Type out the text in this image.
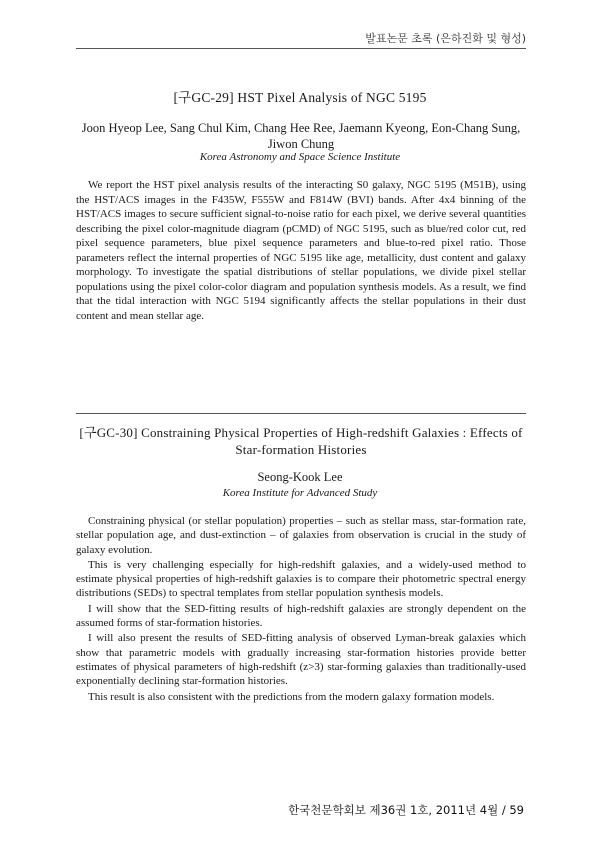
발표논문 초록 (은하진화 및 형성)
[구GC-29] HST Pixel Analysis of NGC 5195
Joon Hyeop Lee, Sang Chul Kim, Chang Hee Ree, Jaemann Kyeong, Eon-Chang Sung, Jiwon Chung
Korea Astronomy and Space Science Institute

We report the HST pixel analysis results of the interacting S0 galaxy, NGC 5195 (M51B), using the HST/ACS images in the F435W, F555W and F814W (BVI) bands. After 4x4 binning of the HST/ACS images to secure sufficient signal-to-noise ratio for each pixel, we derive several quantities describing the pixel color-magnitude diagram (pCMD) of NGC 5195, such as blue/red color cut, red pixel sequence parameters, blue pixel sequence parameters and blue-to-red pixel ratio. Those parameters reflect the internal properties of NGC 5195 like age, metallicity, dust content and galaxy morphology. To investigate the spatial distributions of stellar populations, we divide pixel stellar populations using the pixel color-color diagram and population synthesis models. As a result, we find that the tidal interaction with NGC 5194 significantly affects the stellar populations in their dust content and mean stellar age.

[구GC-30] Constraining Physical Properties of High-redshift Galaxies : Effects of Star-formation Histories
Seong-Kook Lee
Korea Institute for Advanced Study

Constraining physical (or stellar population) properties – such as stellar mass, star-formation rate, stellar population age, and dust-extinction – of galaxies from observation is crucial in the study of galaxy evolution.

This is very challenging especially for high-redshift galaxies, and a widely-used method to estimate physical properties of high-redshift galaxies is to compare their photometric spectral energy distributions (SEDs) to spectral templates from stellar population synthesis models.

I will show that the SED-fitting results of high-redshift galaxies are strongly dependent on the assumed forms of star-formation histories.

I will also present the results of SED-fitting analysis of observed Lyman-break galaxies which show that parametric models with gradually increasing star-formation histories provide better estimates of physical parameters of high-redshift (z>3) star-forming galaxies than traditionally-used exponentially declining star-formation histories.

This result is also consistent with the predictions from the modern galaxy formation models.

한국천문학회보 제36권 1호, 2011년 4월 / 59
